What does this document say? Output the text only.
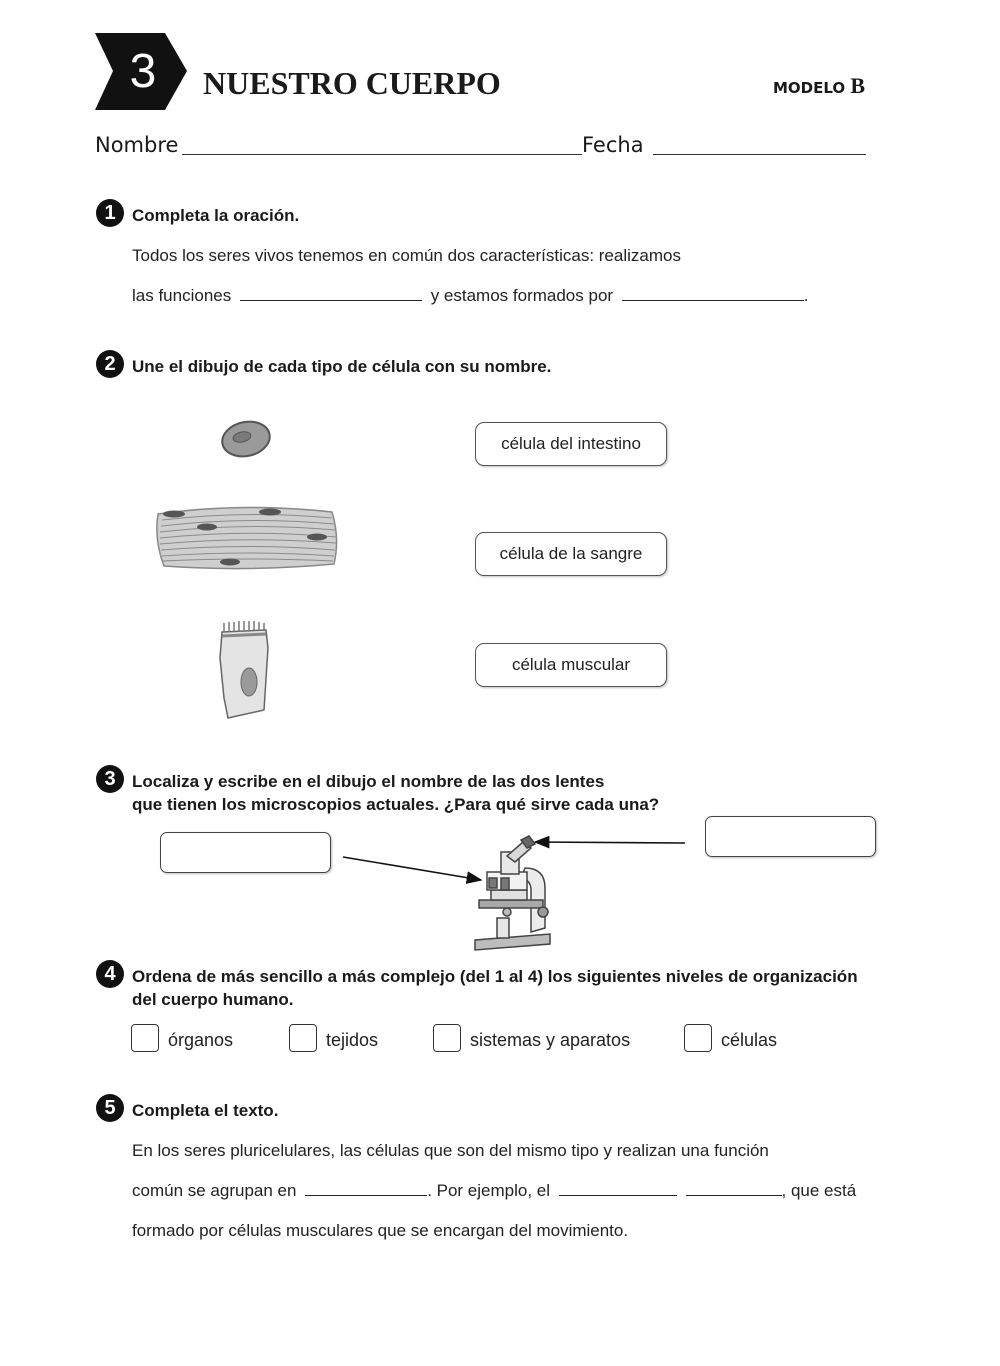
3	NUESTRO CUERPO	MODELO B
Nombre	Fecha
1 Completa la oración.
Todos los seres vivos tenemos en común dos características: realizamos
las funciones	y estamos formados por	.
2 Une el dibujo de cada tipo de célula con su nombre.
célula del intestino
célula de la sangre
célula muscular
3 Localiza y escribe en el dibujo el nombre de las dos lentes
que tienen los microscopios actuales. ¿Para qué sirve cada una?
4 Ordena de más sencillo a más complejo (del 1 al 4) los siguientes niveles de organización
del cuerpo humano.
órganos	tejidos	sistemas y aparatos	células
5 Completa el texto.
En los seres pluricelulares, las células que son del mismo tipo y realizan una función
común se agrupan en	. Por ejemplo, el	, que está
formado por células musculares que se encargan del movimiento.
